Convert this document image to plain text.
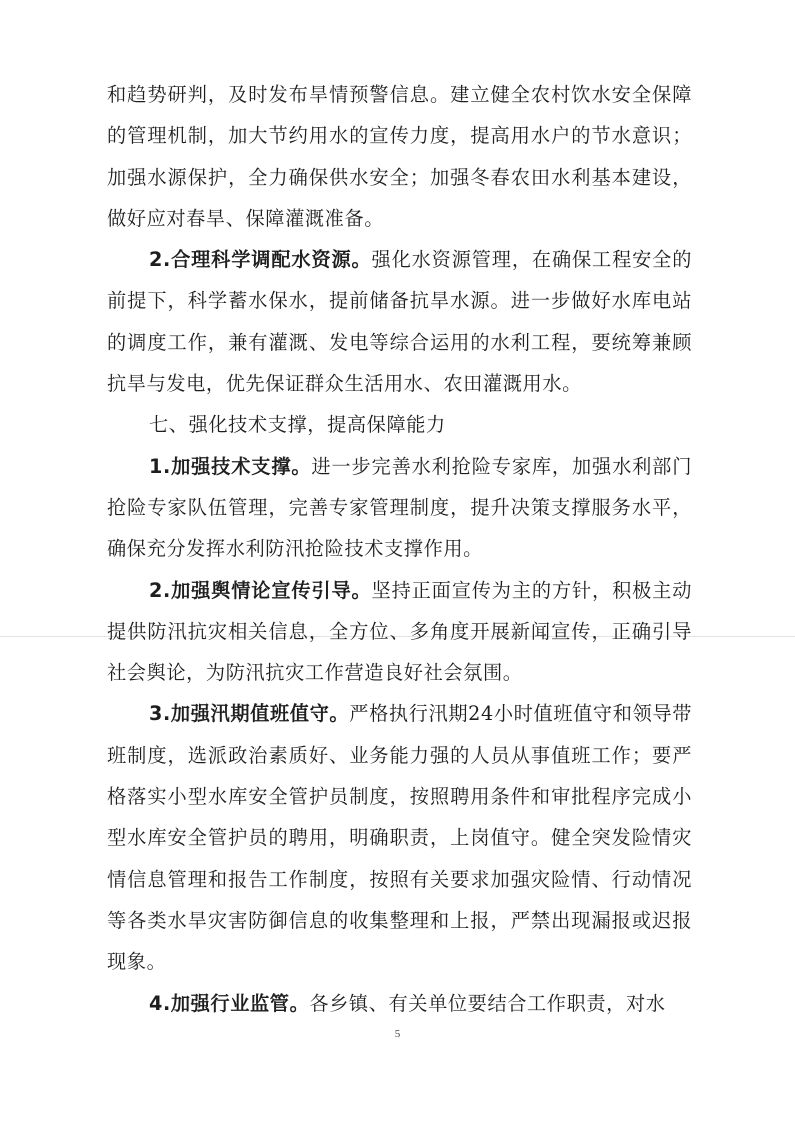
和趋势研判，及时发布旱情预警信息。建立健全农村饮水安全保障的管理机制，加大节约用水的宣传力度，提高用水户的节水意识；加强水源保护，全力确保供水安全；加强冬春农田水利基本建设，做好应对春旱、保障灌溉准备。

2.合理科学调配水资源。强化水资源管理，在确保工程安全的前提下，科学蓄水保水，提前储备抗旱水源。进一步做好水库电站的调度工作，兼有灌溉、发电等综合运用的水利工程，要统筹兼顾抗旱与发电，优先保证群众生活用水、农田灌溉用水。

七、强化技术支撑，提高保障能力

1.加强技术支撑。进一步完善水利抢险专家库，加强水利部门抢险专家队伍管理，完善专家管理制度，提升决策支撑服务水平，确保充分发挥水利防汛抢险技术支撑作用。

2.加强舆情论宣传引导。坚持正面宣传为主的方针，积极主动提供防汛抗灾相关信息，全方位、多角度开展新闻宣传，正确引导社会舆论，为防汛抗灾工作营造良好社会氛围。

3.加强汛期值班值守。严格执行汛期24小时值班值守和领导带班制度，选派政治素质好、业务能力强的人员从事值班工作；要严格落实小型水库安全管护员制度，按照聘用条件和审批程序完成小型水库安全管护员的聘用，明确职责，上岗值守。健全突发险情灾情信息管理和报告工作制度，按照有关要求加强灾险情、行动情况等各类水旱灾害防御信息的收集整理和上报，严禁出现漏报或迟报现象。

4.加强行业监管。各乡镇、有关单位要结合工作职责，对水

5
